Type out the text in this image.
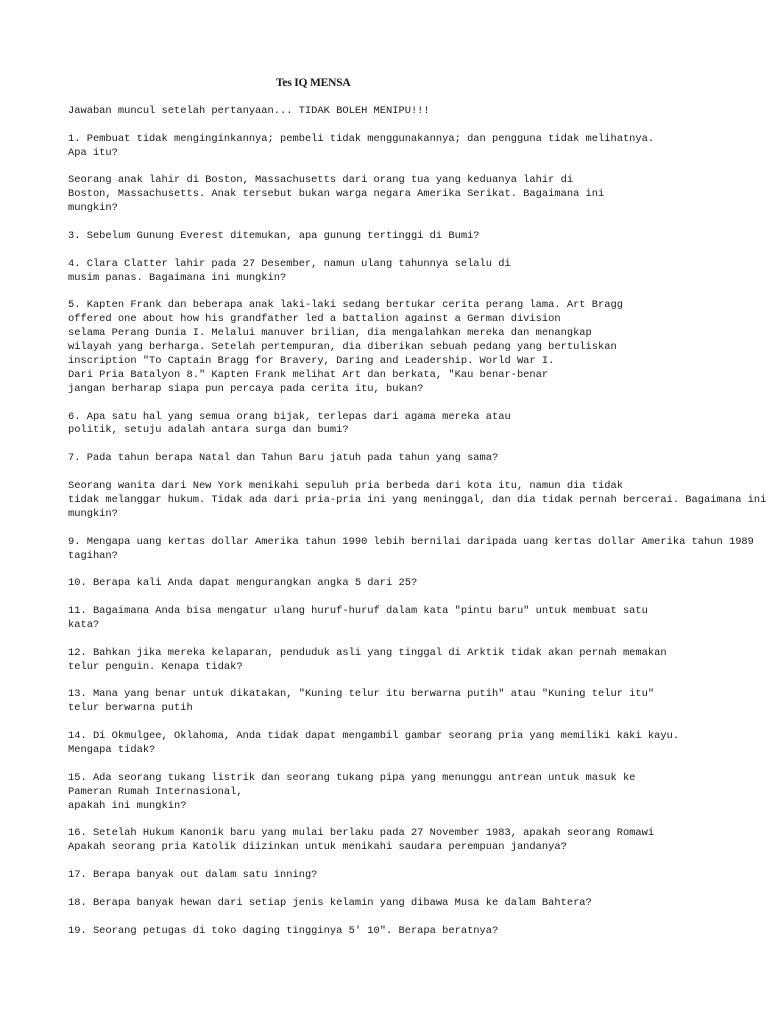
Tes IQ MENSA
Jawaban muncul setelah pertanyaan... TIDAK BOLEH MENIPU!!!
1. Pembuat tidak menginginkannya; pembeli tidak menggunakannya; dan pengguna tidak melihatnya.
Apa itu?
Seorang anak lahir di Boston, Massachusetts dari orang tua yang keduanya lahir di
Boston, Massachusetts. Anak tersebut bukan warga negara Amerika Serikat. Bagaimana ini
mungkin?
3. Sebelum Gunung Everest ditemukan, apa gunung tertinggi di Bumi?
4. Clara Clatter lahir pada 27 Desember, namun ulang tahunnya selalu di
musim panas. Bagaimana ini mungkin?
5. Kapten Frank dan beberapa anak laki-laki sedang bertukar cerita perang lama. Art Bragg
offered one about how his grandfather led a battalion against a German division
selama Perang Dunia I. Melalui manuver brilian, dia mengalahkan mereka dan menangkap
wilayah yang berharga. Setelah pertempuran, dia diberikan sebuah pedang yang bertuliskan
inscription "To Captain Bragg for Bravery, Daring and Leadership. World War I.
Dari Pria Batalyon 8." Kapten Frank melihat Art dan berkata, "Kau benar-benar
jangan berharap siapa pun percaya pada cerita itu, bukan?
6. Apa satu hal yang semua orang bijak, terlepas dari agama mereka atau
politik, setuju adalah antara surga dan bumi?
7. Pada tahun berapa Natal dan Tahun Baru jatuh pada tahun yang sama?
Seorang wanita dari New York menikahi sepuluh pria berbeda dari kota itu, namun dia tidak
tidak melanggar hukum. Tidak ada dari pria-pria ini yang meninggal, dan dia tidak pernah bercerai. Bagaimana ini
mungkin?
9. Mengapa uang kertas dollar Amerika tahun 1990 lebih bernilai daripada uang kertas dollar Amerika tahun 1989
tagihan?
10. Berapa kali Anda dapat mengurangkan angka 5 dari 25?
11. Bagaimana Anda bisa mengatur ulang huruf-huruf dalam kata "pintu baru" untuk membuat satu
kata?
12. Bahkan jika mereka kelaparan, penduduk asli yang tinggal di Arktik tidak akan pernah memakan
telur penguin. Kenapa tidak?
13. Mana yang benar untuk dikatakan, "Kuning telur itu berwarna putih" atau "Kuning telur itu"
telur berwarna putih
14. Di Okmulgee, Oklahoma, Anda tidak dapat mengambil gambar seorang pria yang memiliki kaki kayu.
Mengapa tidak?
15. Ada seorang tukang listrik dan seorang tukang pipa yang menunggu antrean untuk masuk ke
Pameran Rumah Internasional,
apakah ini mungkin?
16. Setelah Hukum Kanonik baru yang mulai berlaku pada 27 November 1983, apakah seorang Romawi
Apakah seorang pria Katolik diizinkan untuk menikahi saudara perempuan jandanya?
17. Berapa banyak out dalam satu inning?
18. Berapa banyak hewan dari setiap jenis kelamin yang dibawa Musa ke dalam Bahtera?
19. Seorang petugas di toko daging tingginya 5' 10". Berapa beratnya?
